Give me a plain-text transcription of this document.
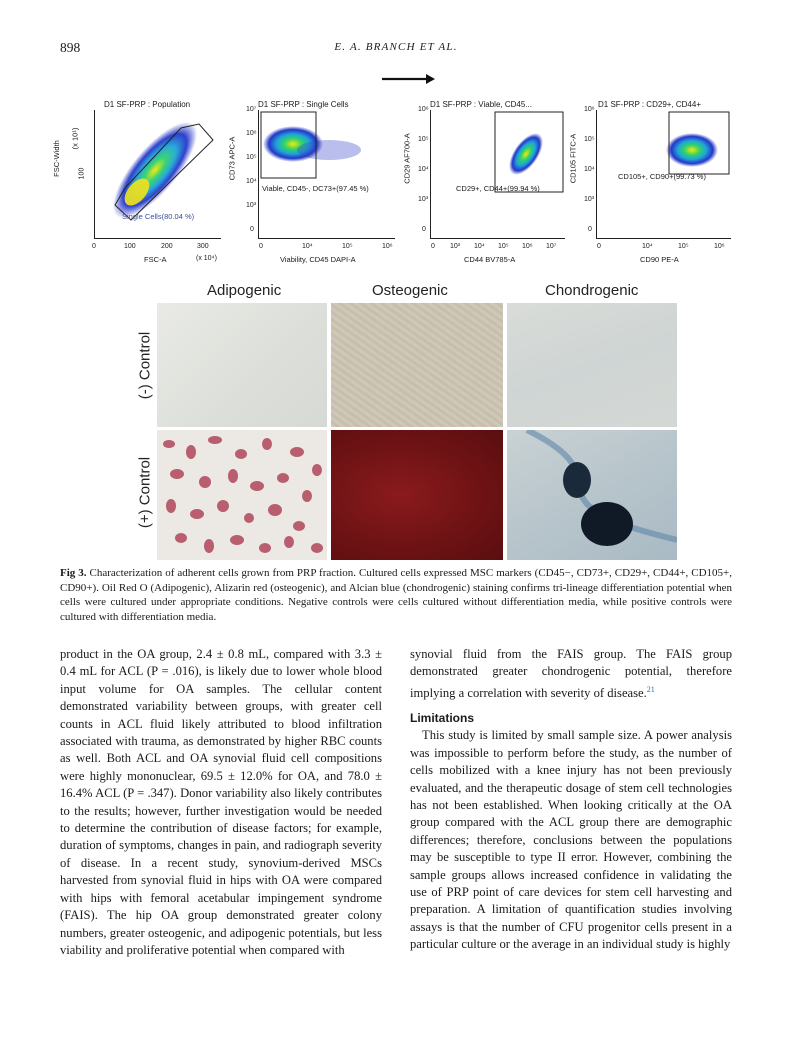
898	E. A. BRANCH ET AL.
D1 SF-PRP : Population
Single Cells(80.04 %)
FSC-Width
(x 10¹)
100
0	100	200	300
FSC-A	(x 10⁴)
D1 SF-PRP : Single Cells
Viable, CD45-, DC73+(97.45 %)
CD73 APC-A
10⁷
10⁶
10⁵
10⁴
10³
0
0	10⁴	10⁵	10⁶
Viability, CD45 DAPI-A
D1 SF-PRP : Viable, CD45...
CD29+, CD44+(99.94 %)
CD29 AF700-A
10⁶
10⁵
10⁴
10³
0
0 10³ 10⁴ 10⁵ 10⁶ 10⁷
CD44 BV785-A
D1 SF-PRP : CD29+, CD44+
CD105+, CD90+(99.73 %)
CD105 FITC-A
10⁶
10⁵
10⁴
10³
0
0	10⁴	10⁵	10⁶
CD90 PE-A
Adipogenic	Osteogenic	Chondrogenic
(-) Control
(+) Control
Fig 3. Characterization of adherent cells grown from PRP fraction. Cultured cells expressed MSC markers (CD45−, CD73+, CD29+, CD44+, CD105+, CD90+). Oil Red O (Adipogenic), Alizarin red (osteogenic), and Alcian blue (chondrogenic) staining confirms tri-lineage differentiation potential when cells were cultured under appropriate conditions. Negative controls were cells cultured without differentiation media, while positive controls were cultured with differentiation media.

product in the OA group, 2.4 ± 0.8 mL, compared with 3.3 ± 0.4 mL for ACL (P = .016), is likely due to lower whole blood input volume for OA samples. The cellular content demonstrated variability between groups, with greater cell counts in ACL fluid likely attributed to blood infiltration associated with trauma, as demonstrated by higher RBC counts as well. Both ACL and OA synovial fluid cell compositions were highly mononuclear, 69.5 ± 12.0% for OA, and 78.0 ± 16.4% ACL (P = .347). Donor variability also likely contributes to the results; however, further investigation would be needed to determine the contribution of disease factors; for example, duration of symptoms, changes in pain, and radiograph severity of disease. In a recent study, synovium-derived MSCs harvested from synovial fluid in hips with OA were compared with hips with femoral acetabular impingement syndrome (FAIS). The hip OA group demonstrated greater colony numbers, greater osteogenic, and adipogenic potentials, but less viability and proliferative potential when compared with

synovial fluid from the FAIS group. The FAIS group demonstrated greater chondrogenic potential, therefore implying a correlation with severity of disease.$^{21}$

Limitations

This study is limited by small sample size. A power analysis was impossible to perform before the study, as the number of cells mobilized with a knee injury has not been previously evaluated, and the therapeutic dosage of stem cell technologies has not been established. When looking critically at the OA group compared with the ACL group there are demographic differences; therefore, conclusions between the populations may be susceptible to type II error. However, combining the sample groups allows increased confidence in validating the use of PRP point of care devices for stem cell harvesting and preparation. A limitation of quantification studies involving assays is that the number of CFU progenitor cells present in a particular culture or the average in an individual study is highly
